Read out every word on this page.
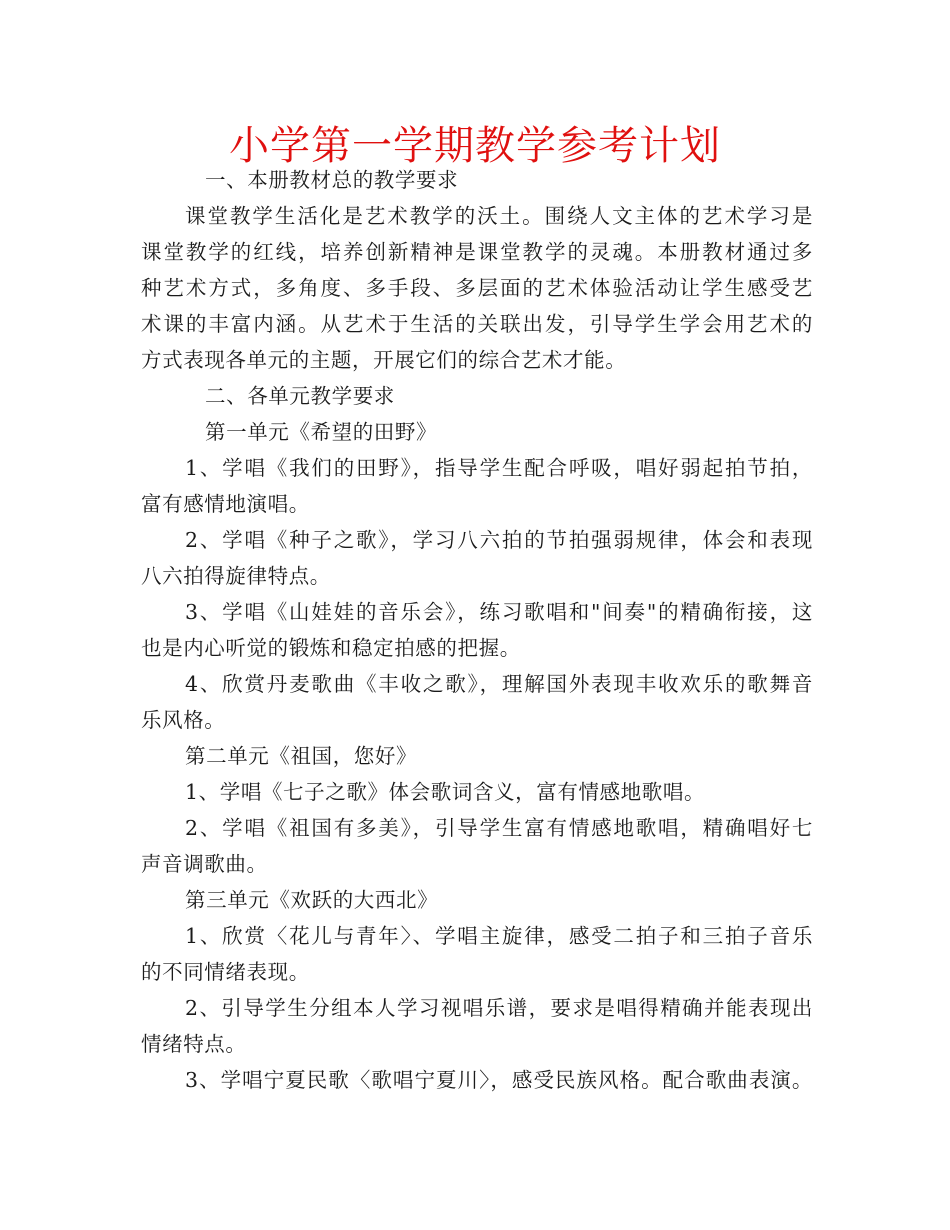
小学第一学期教学参考计划
一、本册教材总的教学要求
课堂教学生活化是艺术教学的沃土。围绕人文主体的艺术学习是
课堂教学的红线，培养创新精神是课堂教学的灵魂。本册教材通过多
种艺术方式，多角度、多手段、多层面的艺术体验活动让学生感受艺
术课的丰富内涵。从艺术于生活的关联出发，引导学生学会用艺术的
方式表现各单元的主题，开展它们的综合艺术才能。
二、各单元教学要求
第一单元《希望的田野》
1、学唱《我们的田野》，指导学生配合呼吸，唱好弱起拍节拍，
富有感情地演唱。
2、学唱《种子之歌》，学习八六拍的节拍强弱规律，体会和表现
八六拍得旋律特点。
3、学唱《山娃娃的音乐会》，练习歌唱和"间奏"的精确衔接，这
也是内心听觉的锻炼和稳定拍感的把握。
4、欣赏丹麦歌曲《丰收之歌》，理解国外表现丰收欢乐的歌舞音
乐风格。
第二单元《祖国，您好》
1、学唱《七子之歌》体会歌词含义，富有情感地歌唱。
2、学唱《祖国有多美》，引导学生富有情感地歌唱，精确唱好七
声音调歌曲。
第三单元《欢跃的大西北》
1、欣赏〈花儿与青年〉、学唱主旋律，感受二拍子和三拍子音乐
的不同情绪表现。
2、引导学生分组本人学习视唱乐谱，要求是唱得精确并能表现出
情绪特点。
3、学唱宁夏民歌〈歌唱宁夏川〉，感受民族风格。配合歌曲表演。
